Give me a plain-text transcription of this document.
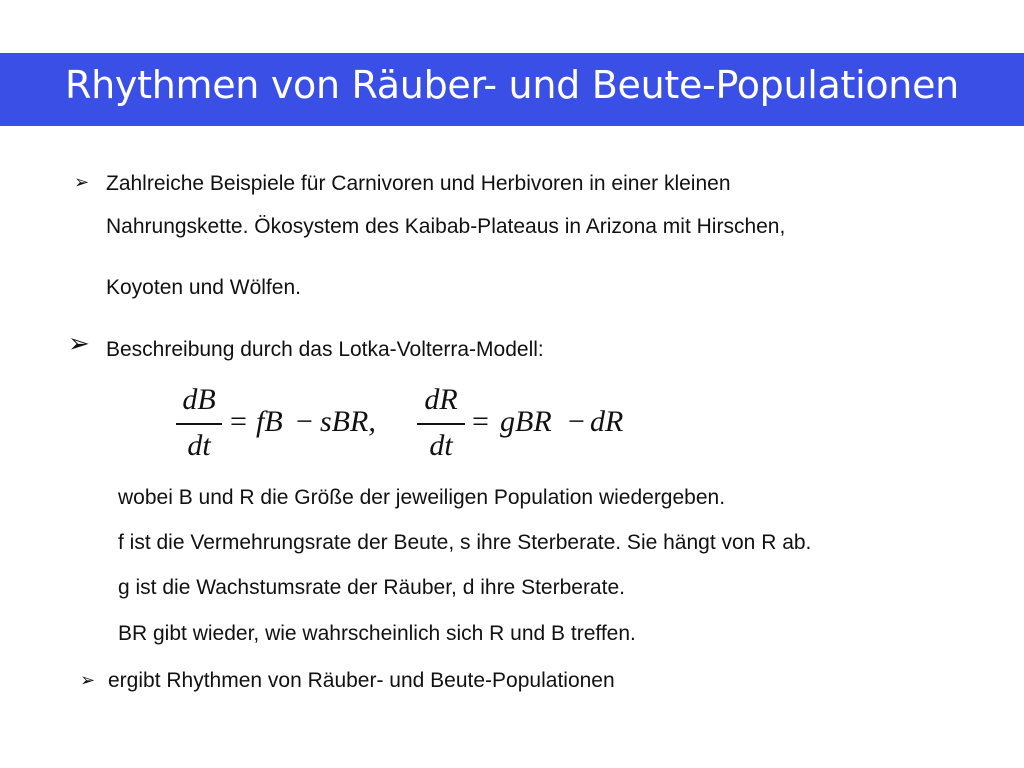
Rhythmen von Räuber- und Beute-Populationen
➢ Zahlreiche Beispiele für Carnivoren und Herbivoren in einer kleinen
Nahrungskette. Ökosystem des Kaibab-Plateaus in Arizona mit Hirschen,
Koyoten und Wölfen.
➢ Beschreibung durch das Lotka-Volterra-Modell:
dB
dt
= fB − sBR,
dR
dt
= gBR − dR
wobei B und R die Größe der jeweiligen Population wiedergeben.
f ist die Vermehrungsrate der Beute, s ihre Sterberate. Sie hängt von R ab.
g ist die Wachstumsrate der Räuber, d ihre Sterberate.
BR gibt wieder, wie wahrscheinlich sich R und B treffen.
➢ ergibt Rhythmen von Räuber- und Beute-Populationen
